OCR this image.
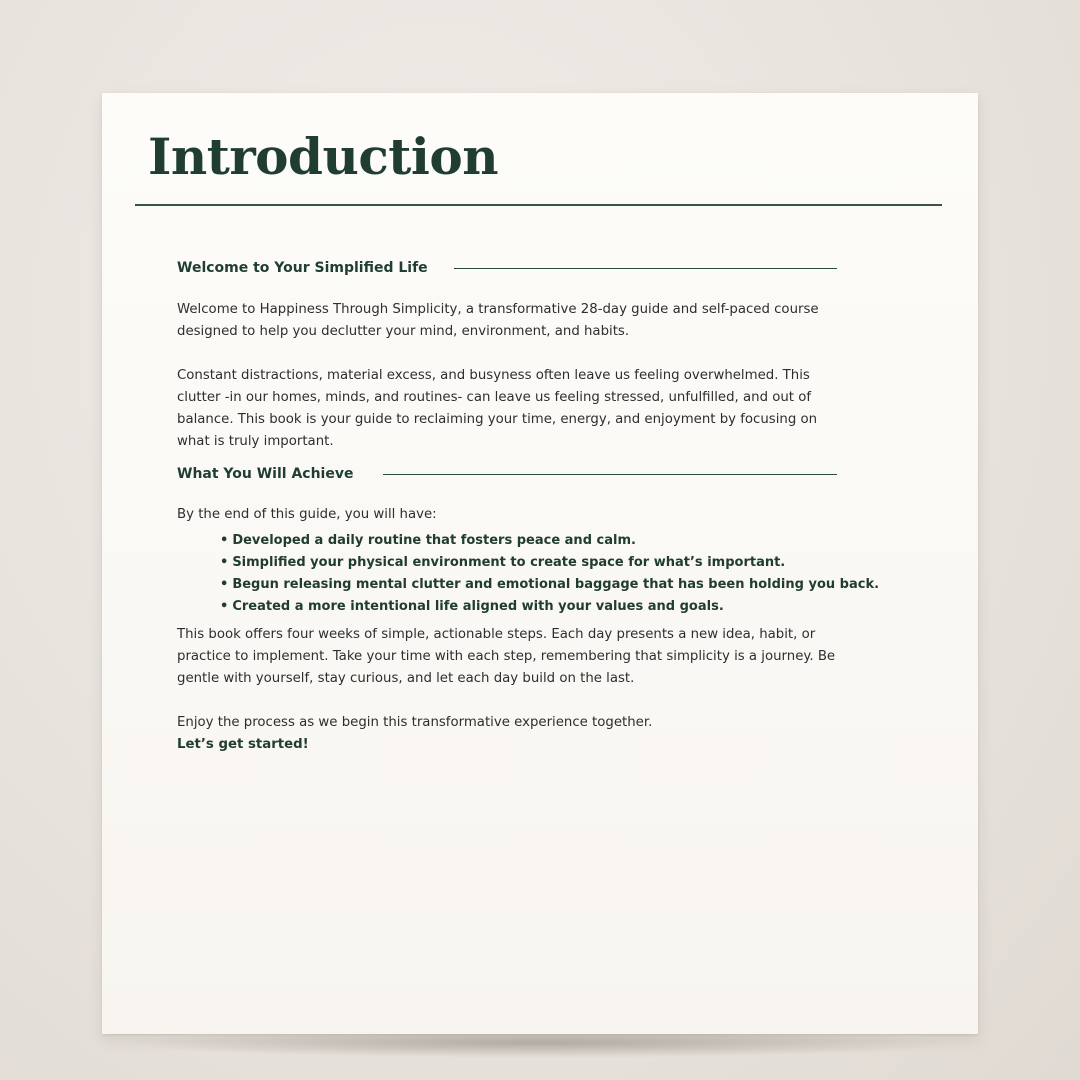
Introduction
Welcome to Your Simplified Life

Welcome to Happiness Through Simplicity, a transformative 28-day guide and self-paced course designed to help you declutter your mind, environment, and habits.

Constant distractions, material excess, and busyness often leave us feeling overwhelmed. This clutter -in our homes, minds, and routines- can leave us feeling stressed, unfulfilled, and out of balance. This book is your guide to reclaiming your time, energy, and enjoyment by focusing on what is truly important.

What You Will Achieve

By the end of this guide, you will have:

• Developed a daily routine that fosters peace and calm.
• Simplified your physical environment to create space for what’s important.
• Begun releasing mental clutter and emotional baggage that has been holding you back.
• Created a more intentional life aligned with your values and goals.

This book offers four weeks of simple, actionable steps. Each day presents a new idea, habit, or practice to implement. Take your time with each step, remembering that simplicity is a journey. Be gentle with yourself, stay curious, and let each day build on the last.

Enjoy the process as we begin this transformative experience together.

Let’s get started!
